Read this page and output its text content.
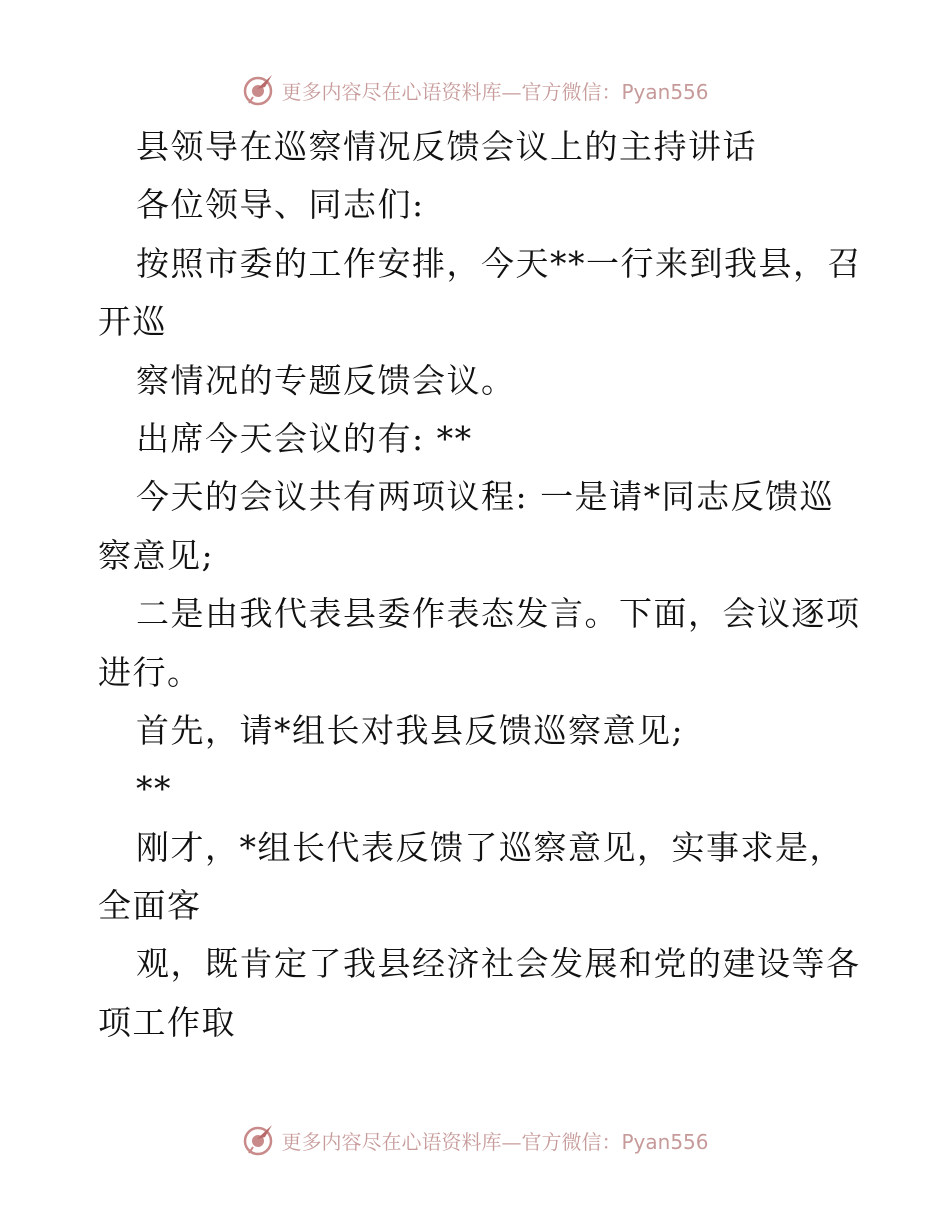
更多内容尽在心语资料库—官方微信：Pyan556
县领导在巡察情况反馈会议上的主持讲话
各位领导、同志们:
按照市委的工作安排，今天**一行来到我县，召
开巡
察情况的专题反馈会议。
出席今天会议的有: **
今天的会议共有两项议程: 一是请*同志反馈巡
察意见;
二是由我代表县委作表态发言。下面，会议逐项
进行。
首先，请*组长对我县反馈巡察意见;
**
刚才，*组长代表反馈了巡察意见，实事求是，
全面客
观，既肯定了我县经济社会发展和党的建设等各
项工作取
更多内容尽在心语资料库—官方微信：Pyan556
